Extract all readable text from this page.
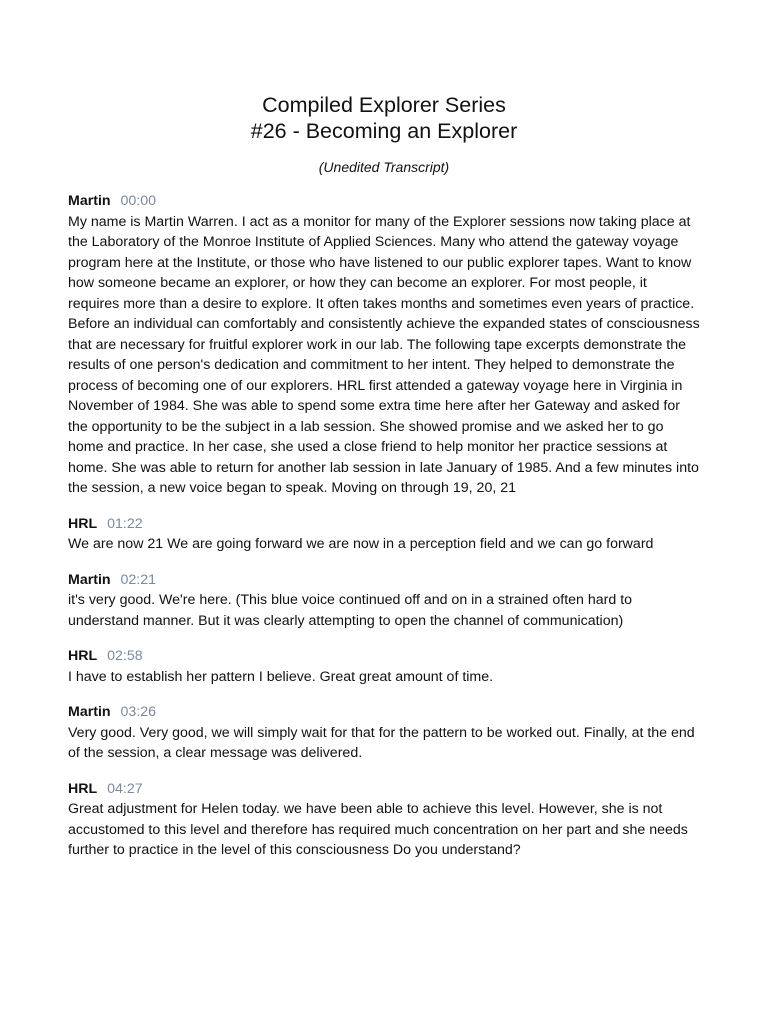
Compiled Explorer Series
#26 - Becoming an Explorer

(Unedited Transcript)

Martin 00:00

My name is Martin Warren. I act as a monitor for many of the Explorer sessions now taking place at the Laboratory of the Monroe Institute of Applied Sciences. Many who attend the gateway voyage program here at the Institute, or those who have listened to our public explorer tapes. Want to know how someone became an explorer, or how they can become an explorer. For most people, it requires more than a desire to explore. It often takes months and sometimes even years of practice. Before an individual can comfortably and consistently achieve the expanded states of consciousness that are necessary for fruitful explorer work in our lab. The following tape excerpts demonstrate the results of one person's dedication and commitment to her intent. They helped to demonstrate the process of becoming one of our explorers. HRL first attended a gateway voyage here in Virginia in November of 1984. She was able to spend some extra time here after her Gateway and asked for the opportunity to be the subject in a lab session. She showed promise and we asked her to go home and practice. In her case, she used a close friend to help monitor her practice sessions at home. She was able to return for another lab session in late January of 1985. And a few minutes into the session, a new voice began to speak. Moving on through 19, 20, 21

HRL 01:22

We are now 21 We are going forward we are now in a perception field and we can go forward

Martin 02:21

it's very good. We're here. (This blue voice continued off and on in a strained often hard to understand manner. But it was clearly attempting to open the channel of communication)

HRL 02:58

I have to establish her pattern I believe. Great great amount of time.

Martin 03:26

Very good. Very good, we will simply wait for that for the pattern to be worked out. Finally, at the end of the session, a clear message was delivered.

HRL 04:27

Great adjustment for Helen today. we have been able to achieve this level. However, she is not accustomed to this level and therefore has required much concentration on her part and she needs further to practice in the level of this consciousness Do you understand?
